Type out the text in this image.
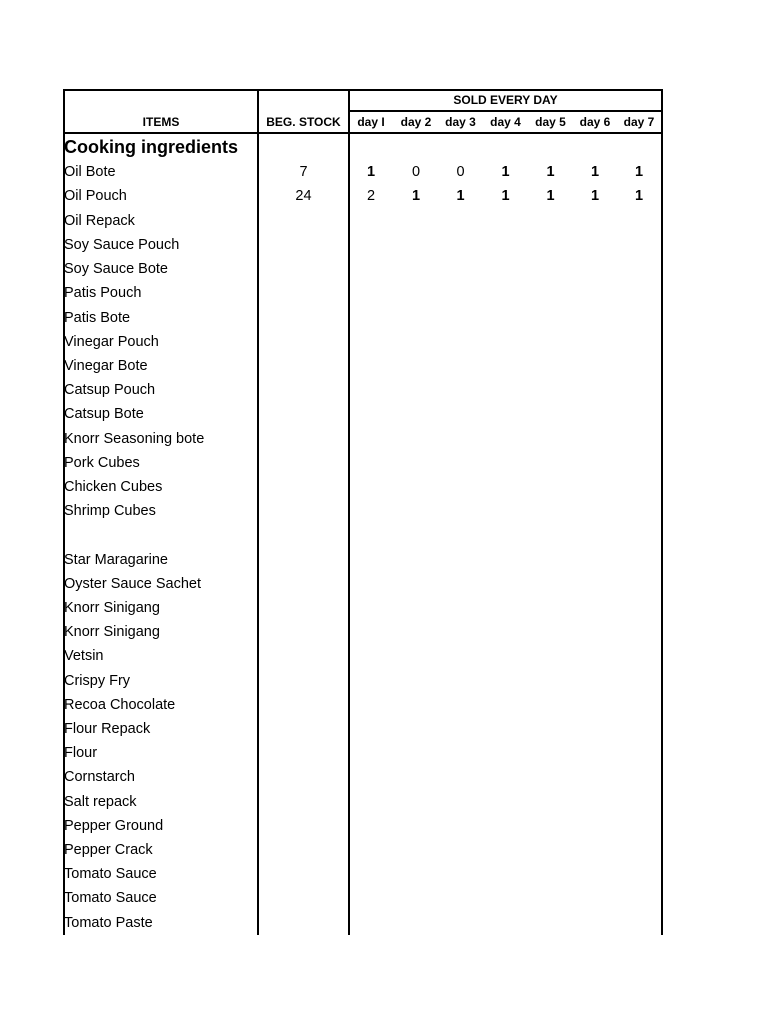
SOLD EVERY DAY
ITEMS	BEG. STOCK	day I	day 2	day 3	day 4	day 5	day 6	day 7
Cooking ingredients
Oil Bote	7	1	0	0	1	1	1	1
Oil Pouch	24	2	1	1	1	1	1	1
Oil Repack
Soy Sauce Pouch
Soy Sauce Bote
Patis Pouch
Patis Bote
Vinegar Pouch
Vinegar Bote
Catsup Pouch
Catsup Bote
Knorr Seasoning bote
Pork Cubes
Chicken Cubes
Shrimp Cubes
Star Maragarine
Oyster Sauce Sachet
Knorr Sinigang
Knorr Sinigang
Vetsin
Crispy Fry
Recoa Chocolate
Flour Repack
Flour
Cornstarch
Salt repack
Pepper Ground
Pepper Crack
Tomato Sauce
Tomato Sauce
Tomato Paste
